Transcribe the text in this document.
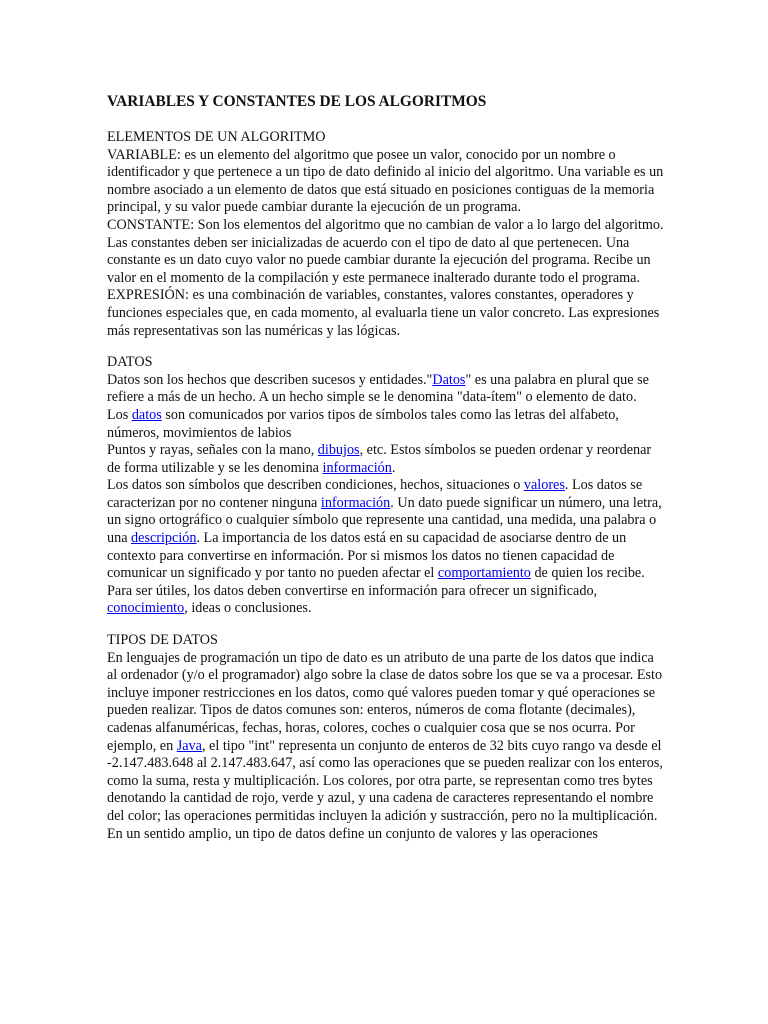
VARIABLES Y CONSTANTES DE LOS ALGORITMOS
ELEMENTOS DE UN ALGORITMO

VARIABLE: es un elemento del algoritmo que posee un valor, conocido por un nombre o identificador y que pertenece a un tipo de dato definido al inicio del algoritmo. Una variable es un nombre asociado a un elemento de datos que está situado en posiciones contiguas de la memoria principal, y su valor puede cambiar durante la ejecución de un programa.

CONSTANTE: Son los elementos del algoritmo que no cambian de valor a lo largo del algoritmo. Las constantes deben ser inicializadas de acuerdo con el tipo de dato al que pertenecen. Una constante es un dato cuyo valor no puede cambiar durante la ejecución del programa. Recibe un valor en el momento de la compilación y este permanece inalterado durante todo el programa.

EXPRESIÓN: es una combinación de variables, constantes, valores constantes, operadores y funciones especiales que, en cada momento, al evaluarla tiene un valor concreto. Las expresiones más representativas son las numéricas y las lógicas.

DATOS

Datos son los hechos que describen sucesos y entidades."Datos" es una palabra en plural que se refiere a más de un hecho. A un hecho simple se le denomina "data-ítem" o elemento de dato.

Los datos son comunicados por varios tipos de símbolos tales como las letras del alfabeto, números, movimientos de labios

Puntos y rayas, señales con la mano, dibujos, etc. Estos símbolos se pueden ordenar y reordenar de forma utilizable y se les denomina información.

Los datos son símbolos que describen condiciones, hechos, situaciones o valores. Los datos se caracterizan por no contener ninguna información. Un dato puede significar un número, una letra, un signo ortográfico o cualquier símbolo que represente una cantidad, una medida, una palabra o una descripción. La importancia de los datos está en su capacidad de asociarse dentro de un contexto para convertirse en información. Por si mismos los datos no tienen capacidad de comunicar un significado y por tanto no pueden afectar el comportamiento de quien los recibe. Para ser útiles, los datos deben convertirse en información para ofrecer un significado, conocimiento, ideas o conclusiones.

TIPOS DE DATOS

En lenguajes de programación un tipo de dato es un atributo de una parte de los datos que indica al ordenador (y/o el programador) algo sobre la clase de datos sobre los que se va a procesar. Esto incluye imponer restricciones en los datos, como qué valores pueden tomar y qué operaciones se pueden realizar. Tipos de datos comunes son: enteros, números de coma flotante (decimales), cadenas alfanuméricas, fechas, horas, colores, coches o cualquier cosa que se nos ocurra. Por ejemplo, en Java, el tipo "int" representa un conjunto de enteros de 32 bits cuyo rango va desde el -2.147.483.648 al 2.147.483.647, así como las operaciones que se pueden realizar con los enteros, como la suma, resta y multiplicación. Los colores, por otra parte, se representan como tres bytes denotando la cantidad de rojo, verde y azul, y una cadena de caracteres representando el nombre del color; las operaciones permitidas incluyen la adición y sustracción, pero no la multiplicación.

En un sentido amplio, un tipo de datos define un conjunto de valores y las operaciones
